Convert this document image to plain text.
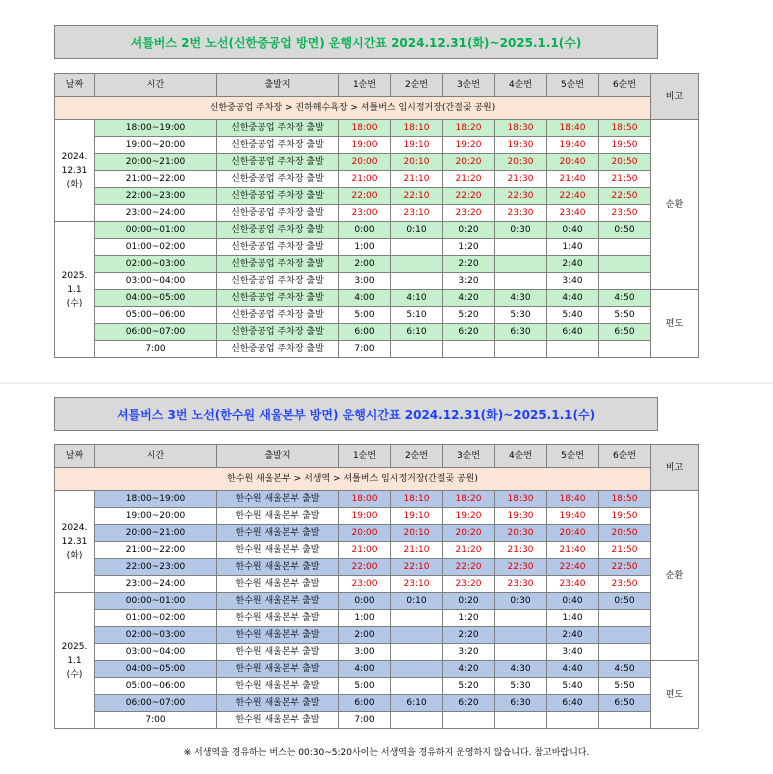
셔틀버스 2번 노선(신한중공업 방면) 운행시간표 2024.12.31(화)~2025.1.1(수)
날짜	시간	출발지	1순번	2순번	3순번	4순번	5순번	6순번	비고
신한중공업 주차장 > 진하해수욕장 > 셔틀버스 임시정거장(간절곶 공원)									
2024.
12.31
(화)	18:00~19:00	신한중공업 주차장 출발	18:00	18:10	18:20	18:30	18:40	18:50	순환
	19:00~20:00	신한중공업 주차장 출발	19:00	19:10	19:20	19:30	19:40	19:50	
	20:00~21:00	신한중공업 주차장 출발	20:00	20:10	20:20	20:30	20:40	20:50	
	21:00~22:00	신한중공업 주차장 출발	21:00	21:10	21:20	21:30	21:40	21:50	
	22:00~23:00	신한중공업 주차장 출발	22:00	22:10	22:20	22:30	22:40	22:50	
	23:00~24:00	신한중공업 주차장 출발	23:00	23:10	23:20	23:30	23:40	23:50	
2025.
1.1
(수)	00:00~01:00	신한중공업 주차장 출발	0:00	0:10	0:20	0:30	0:40	0:50	
	01:00~02:00	신한중공업 주차장 출발	1:00		1:20		1:40		
	02:00~03:00	신한중공업 주차장 출발	2:00		2:20		2:40		
	03:00~04:00	신한중공업 주차장 출발	3:00		3:20		3:40		
	04:00~05:00	신한중공업 주차장 출발	4:00	4:10	4:20	4:30	4:40	4:50	편도
	05:00~06:00	신한중공업 주차장 출발	5:00	5:10	5:20	5:30	5:40	5:50	
	06:00~07:00	신한중공업 주차장 출발	6:00	6:10	6:20	6:30	6:40	6:50	
	7:00	신한중공업 주차장 출발	7:00						
셔틀버스 3번 노선(한수원 새울본부 방면) 운행시간표 2024.12.31(화)~2025.1.1(수)
날짜	시간	출발지	1순번	2순번	3순번	4순번	5순번	6순번	비고
한수원 새울본부 > 서생역 > 셔틀버스 임시정거장(간절곶 공원)									
2024.
12.31
(화)	18:00~19:00	한수원 새울본부 출발	18:00	18:10	18:20	18:30	18:40	18:50	순환
	19:00~20:00	한수원 새울본부 출발	19:00	19:10	19:20	19:30	19:40	19:50	
	20:00~21:00	한수원 새울본부 출발	20:00	20:10	20:20	20:30	20:40	20:50	
	21:00~22:00	한수원 새울본부 출발	21:00	21:10	21:20	21:30	21:40	21:50	
	22:00~23:00	한수원 새울본부 출발	22:00	22:10	22:20	22:30	22:40	22:50	
	23:00~24:00	한수원 새울본부 출발	23:00	23:10	23:20	23:30	23:40	23:50	
2025.
1.1
(수)	00:00~01:00	한수원 새울본부 출발	0:00	0:10	0:20	0:30	0:40	0:50	
	01:00~02:00	한수원 새울본부 출발	1:00		1:20		1:40		
	02:00~03:00	한수원 새울본부 출발	2:00		2:20		2:40		
	03:00~04:00	한수원 새울본부 출발	3:00		3:20		3:40		
	04:00~05:00	한수원 새울본부 출발	4:00		4:20	4:30	4:40	4:50	편도
	05:00~06:00	한수원 새울본부 출발	5:00		5:20	5:30	5:40	5:50	
	06:00~07:00	한수원 새울본부 출발	6:00	6:10	6:20	6:30	6:40	6:50	
	7:00	한수원 새울본부 출발	7:00						
※ 서생역을 경유하는 버스는 00:30~5:20사이는 서생역을 경유하지 운영하지 않습니다. 참고바랍니다.
